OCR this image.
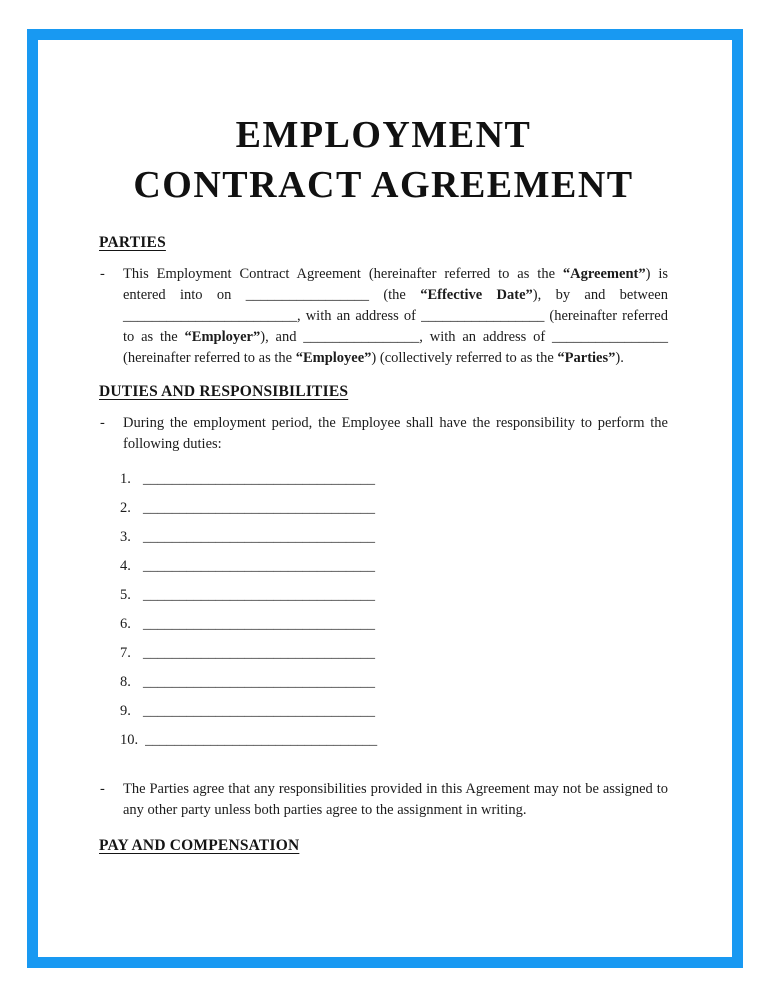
EMPLOYMENT
CONTRACT AGREEMENT
PARTIES
- This Employment Contract Agreement (hereinafter referred to as the “Agreement”) is entered into on _________________ (the “Effective Date”), by and between ________________________, with an address of _________________ (hereinafter referred to as the “Employer”), and ________________, with an address of ________________ (hereinafter referred to as the “Employee”) (collectively referred to as the “Parties”).

DUTIES AND RESPONSIBILITIES
- During the employment period, the Employee shall have the responsibility to perform the following duties:

1. ________________________________
2. ________________________________
3. ________________________________
4. ________________________________
5. ________________________________
6. ________________________________
7. ________________________________
8. ________________________________
9. ________________________________
10. ________________________________
- The Parties agree that any responsibilities provided in this Agreement may not be assigned to any other party unless both parties agree to the assignment in writing.

PAY AND COMPENSATION
